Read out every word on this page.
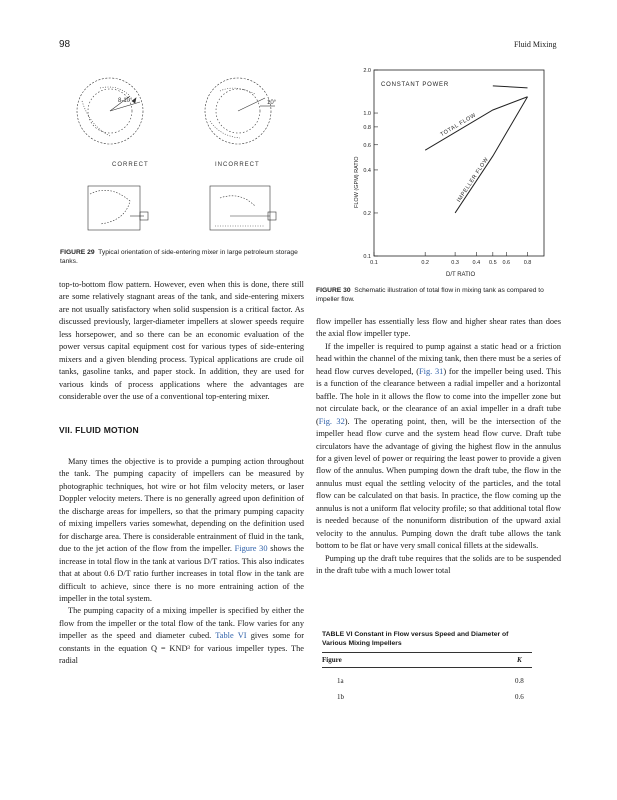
98	Fluid Mixing
8-10°	10°
CORRECT	INCORRECT
FIGURE 29 Typical orientation of side-entering mixer in large petroleum storage tanks.	0.1	0.2	0.3 0.4 0.5 0.6 0.8
2.0
1.0
0.8
0.6
0.4
0.2
0.1
TOTAL FLOW
IMPELLER FLOW
CONSTANT POWER
D/T RATIO
FLOW (GPM) RATIO
FIGURE 30 Schematic illustration of total flow in mixing tank as compared to impeller flow.

top-to-bottom flow pattern. However, even when this is done, there still are some relatively stagnant areas of the tank, and side-entering mixers are not usually satisfactory when solid suspension is a critical factor. As discussed previously, larger-diameter impellers at slower speeds require less horsepower, and so there can be an economic evaluation of the power versus capital equipment cost for various types of side-entering mixers and a given blending process. Typical applications are crude oil tanks, gasoline tanks, and paper stock. In addition, they are used for various kinds of process applications where the advantages are considerable over the use of a conventional top-entering mixer.

VII. FLUID MOTION

Many times the objective is to provide a pumping action throughout the tank. The pumping capacity of impellers can be measured by photographic techniques, hot wire or hot film velocity meters, or laser Doppler velocity meters. There is no generally agreed upon definition of the discharge areas for impellers, so that the primary pumping capacity of mixing impellers varies somewhat, depending on the definition used for discharge area. There is considerable entrainment of fluid in the tank, due to the jet action of the flow from the impeller. Figure 30 shows the increase in total flow in the tank at various D/T ratios. This also indicates that at about 0.6 D/T ratio further increases in total flow in the tank are difficult to achieve, since there is no more entraining action of the impeller in the total system.

The pumping capacity of a mixing impeller is specified by either the flow from the impeller or the total flow of the tank. Flow varies for any impeller as the speed and diameter cubed. Table VI gives some for constants in the equation Q = KND³ for various impeller types. The radial

flow impeller has essentially less flow and higher shear rates than does the axial flow impeller type.

If the impeller is required to pump against a static head or a friction head within the channel of the mixing tank, then there must be a series of head flow curves developed, (Fig. 31) for the impeller being used. This is a function of the clearance between a radial impeller and a horizontal baffle. The hole in it allows the flow to come into the impeller zone but not circulate back, or the clearance of an axial impeller in a draft tube (Fig. 32). The operating point, then, will be the intersection of the impeller head flow curve and the system head flow curve. Draft tube circulators have the advantage of giving the highest flow in the annulus for a given level of power or requiring the least power to provide a given flow of the annulus. When pumping down the draft tube, the flow in the annulus must equal the settling velocity of the particles, and the total flow can be calculated on that basis. In practice, the flow coming up the annulus is not a uniform flat velocity profile; so that additional total flow is needed because of the nonuniform distribution of the upward axial velocity to the annulus. Pumping down the draft tube allows the tank bottom to be flat or have very small conical fillets at the sidewalls.

Pumping up the draft tube requires that the solids are to be suspended in the draft tube with a much lower total

TABLE VI Constant in Flow versus Speed and Diameter of Various Mixing Impellers
Figure	K
1a	0.8
1b	0.6
